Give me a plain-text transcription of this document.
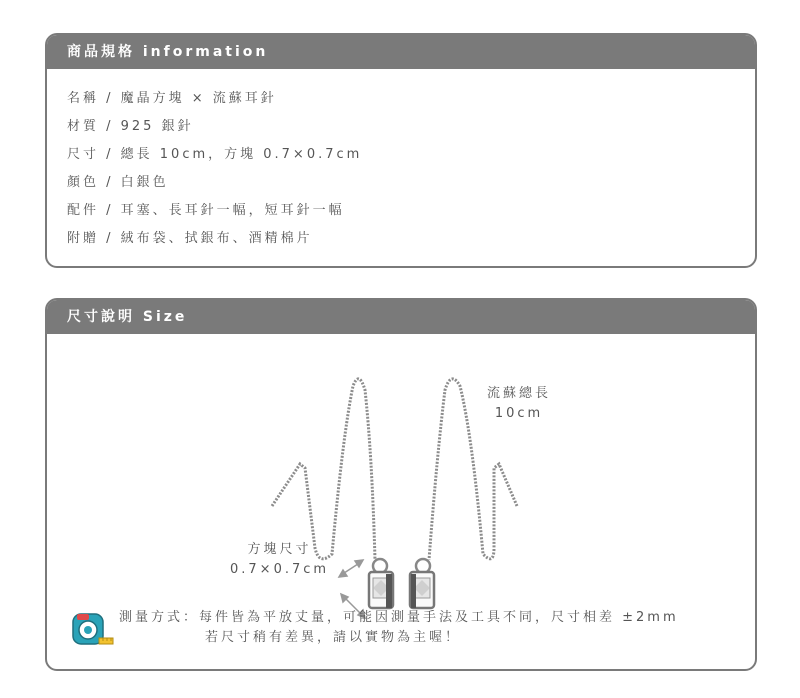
商品規格 information
名稱 / 魔晶方塊 × 流蘇耳針
材質 / 925 銀針
尺寸 / 總長 10cm，方塊 0.7×0.7cm
顏色 / 白銀色
配件 / 耳塞、長耳針一幅，短耳針一幅
附贈 / 絨布袋、拭銀布、酒精棉片
尺寸說明 Size
流蘇總長
10cm
方塊尺寸
0.7×0.7cm
測量方式：每件皆為平放丈量，可能因測量手法及工具不同，尺寸相差 ±2mm
若尺寸稍有差異，請以實物為主喔！
